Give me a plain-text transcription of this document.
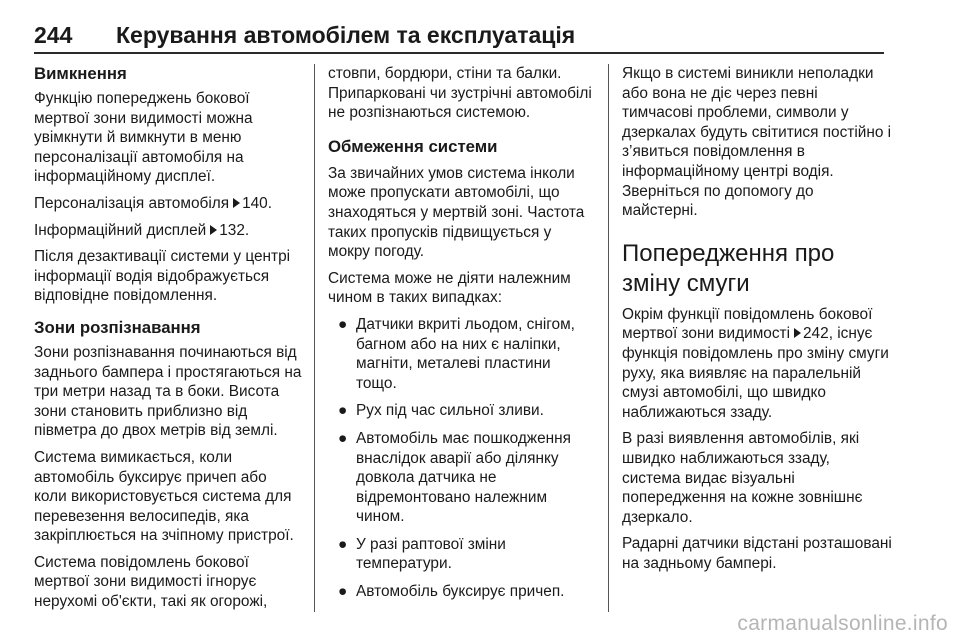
244 Керування автомобілем та експлуатація
Вимкнення

Функцію попереджень бокової мертвої зони видимості можна увімкнути й вимкнути в меню персоналізації автомобіля на інформаційному дисплеї.

Персоналізація автомобіля 140.

Інформаційний дисплей 132.

Після дезактивації системи у центрі інформації водія відображується відповідне повідомлення.

Зони розпізнавання

Зони розпізнавання починаються від заднього бампера і простягаються на три метри назад та в боки. Висота зони становить приблизно від півметра до двох метрів від землі.

Система вимикається, коли автомобіль буксирує причеп або коли використовується система для перевезення велосипедів, яка закріплюється на зчіпному пристрої.

Система повідомлень бокової мертвої зони видимості ігнорує нерухомі об'єкти, такі як огорожі,

стовпи, бордюри, стіни та балки. Припарковані чи зустрічні автомобілі не розпізнаються системою.

Обмеження системи

За звичайних умов система інколи може пропускати автомобілі, що знаходяться у мертвій зоні. Частота таких пропусків підвищується у мокру погоду.

Система може не діяти належним чином в таких випадках:

● Датчики вкриті льодом, снігом, багном або на них є наліпки, магніти, металеві пластини тощо.
● Рух під час сильної зливи.
● Автомобіль має пошкодження внаслідок аварії або ділянку довкола датчика не відремонтовано належним чином.
● У разі раптової зміни температури.
● Автомобіль буксирує причеп.

Якщо в системі виникли неполадки або вона не діє через певні тимчасові проблеми, символи у дзеркалах будуть світитися постійно і з’явиться повідомлення в інформаційному центрі водія. Зверніться по допомогу до майстерні.

Попередження про зміну смуги

Окрім функції повідомлень бокової мертвої зони видимості 242, існує функція повідомлень про зміну смуги руху, яка виявляє на паралельній смузі автомобілі, що швидко наближаються ззаду.

В разі виявлення автомобілів, які швидко наближаються ззаду, система видає візуальні попередження на кожне зовнішнє дзеркало.

Радарні датчики відстані розташовані на задньому бампері.

carmanualsonline.info
